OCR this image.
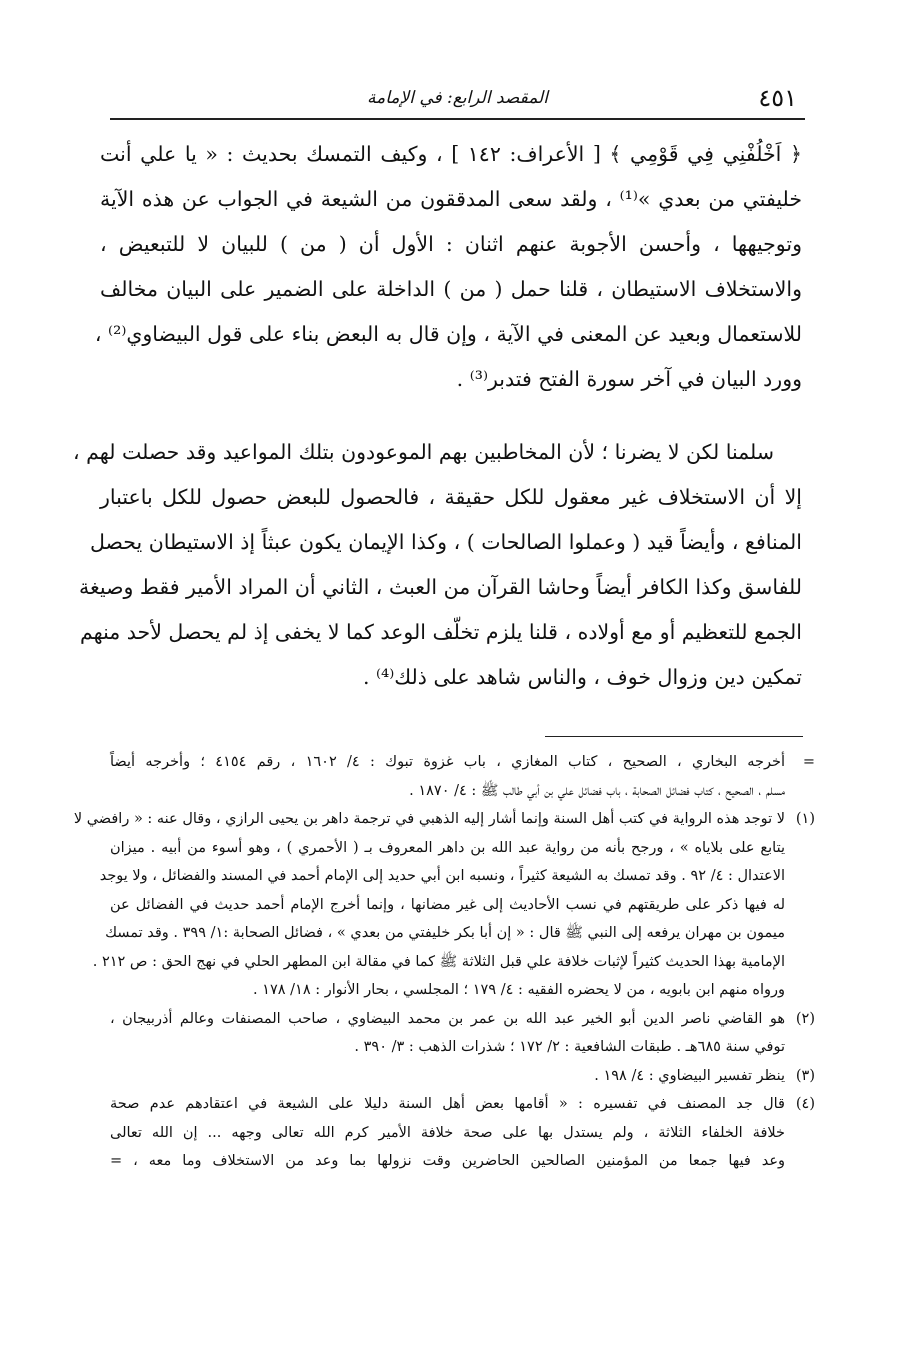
٤٥١
المقصد الرابع: في الإمامة
﴿ اَخْلُفْنِي فِي قَوْمِي ﴾ [ الأعراف: ١٤٢ ] ، وكيف التمسك بحديث : « يا علي أنت
خليفتي من بعدي »⁽¹⁾ ، ولقد سعى المدققون من الشيعة في الجواب عن هذه الآية
وتوجيهها ، وأحسن الأجوبة عنهم اثنان : الأول أن ( من ) للبيان لا للتبعيض ،
والاستخلاف الاستيطان ، قلنا حمل ( من ) الداخلة على الضمير على البيان مخالف
للاستعمال وبعيد عن المعنى في الآية ، وإن قال به البعض بناء على قول البيضاوي⁽²⁾ ،
وورد البيان في آخر سورة الفتح فتدبر⁽³⁾ .
سلمنا لكن لا يضرنا ؛ لأن المخاطبين بهم الموعودون بتلك المواعيد وقد حصلت لهم ،
إلا أن الاستخلاف غير معقول للكل حقيقة ، فالحصول للبعض حصول للكل باعتبار
المنافع ، وأيضاً قيد ( وعملوا الصالحات ) ، وكذا الإيمان يكون عبثاً إذ الاستيطان يحصل
للفاسق وكذا الكافر أيضاً وحاشا القرآن من العبث ، الثاني أن المراد الأمير فقط وصيغة
الجمع للتعظيم أو مع أولاده ، قلنا يلزم تخلّف الوعد كما لا يخفى إذ لم يحصل لأحد منهم
تمكين دين وزوال خوف ، والناس شاهد على ذلك⁽⁴⁾ .
=
أخرجه البخاري ، الصحيح ، كتاب المغازي ، باب غزوة تبوك : ٤/ ١٦٠٢ ، رقم ٤١٥٤ ؛ وأخرجه أيضاً
مسلم ، الصحيح ، كتاب فضائل الصحابة ، باب فضائل علي بن أبي طالب ﷺ : ٤/ ١٨٧٠ .
(١)
لا توجد هذه الرواية في كتب أهل السنة وإنما أشار إليه الذهبي في ترجمة داهر بن يحيى الرازي ، وقال عنه : « رافضي لا
يتابع على بلاياه » ، ورجح بأنه من رواية عبد الله بن داهر المعروف بـ ( الأحمري ) ، وهو أسوء من أبيه . ميزان
الاعتدال : ٤/ ٩٢ . وقد تمسك به الشيعة كثيراً ، ونسبه ابن أبي حديد إلى الإمام أحمد في المسند والفضائل ، ولا يوجد
له فيها ذكر على طريقتهم في نسب الأحاديث إلى غير مضانها ، وإنما أخرج الإمام أحمد حديث في الفضائل عن
ميمون بن مهران يرفعه إلى النبي ﷺ قال : « إن أبا بكر خليفتي من بعدي » ، فضائل الصحابة :١/ ٣٩٩ . وقد تمسك
الإمامية بهذا الحديث كثيراً لإثبات خلافة علي قبل الثلاثة ﷺ كما في مقالة ابن المطهر الحلي في نهج الحق : ص ٢١٢ .
ورواه منهم ابن بابويه ، من لا يحضره الفقيه : ٤/ ١٧٩ ؛ المجلسي ، بحار الأنوار : ١٨/ ١٧٨ .
(٢)
هو القاضي ناصر الدين أبو الخير عبد الله بن عمر بن محمد البيضاوي ، صاحب المصنفات وعالم أذربيجان ،
توفي سنة ٦٨٥هـ . طبقات الشافعية : ٢/ ١٧٢ ؛ شذرات الذهب : ٣/ ٣٩٠ .
(٣)
ينظر تفسير البيضاوي : ٤/ ١٩٨ .
(٤)
قال جد المصنف في تفسيره : « أقامها بعض أهل السنة دليلا على الشيعة في اعتقادهم عدم صحة
خلافة الخلفاء الثلاثة ، ولم يستدل بها على صحة خلافة الأمير كرم الله تعالى وجهه ... إن الله تعالى
وعد فيها جمعا من المؤمنين الصالحين الحاضرين وقت نزولها بما وعد من الاستخلاف وما معه ، =
